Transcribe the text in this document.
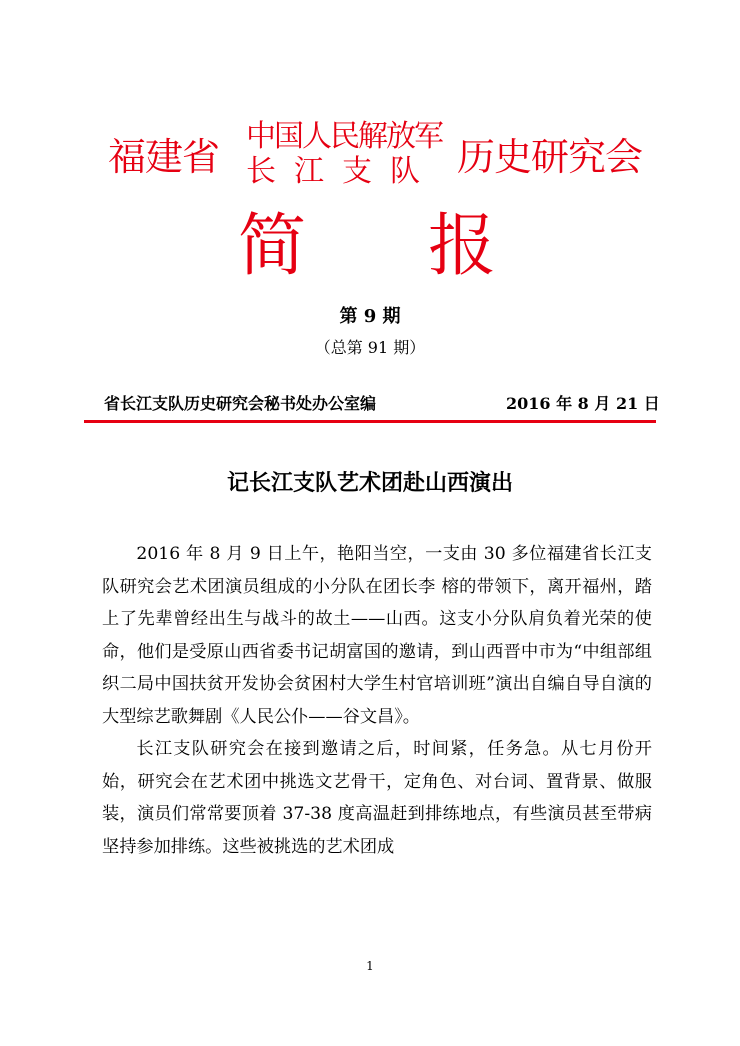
福建省 中国人民解放军
长江支队 历史研究会
简 报
第 9 期
（总第 91 期）
省长江支队历史研究会秘书处办公室编	2016 年 8 月 21 日
记长江支队艺术团赴山西演出

2016 年 8 月 9 日上午，艳阳当空，一支由 30 多位福建省长江支队研究会艺术团演员组成的小分队在团长李 榕的带领下，离开福州，踏上了先辈曾经出生与战斗的故土——山西。这支小分队肩负着光荣的使命，他们是受原山西省委书记胡富国的邀请，到山西晋中市为“中组部组织二局中国扶贫开发协会贫困村大学生村官培训班”演出自编自导自演的大型综艺歌舞剧《人民公仆——谷文昌》。

长江支队研究会在接到邀请之后，时间紧，任务急。从七月份开始，研究会在艺术团中挑选文艺骨干，定角色、对台词、置背景、做服装，演员们常常要顶着 37-38 度高温赶到排练地点，有些演员甚至带病坚持参加排练。这些被挑选的艺术团成

1
